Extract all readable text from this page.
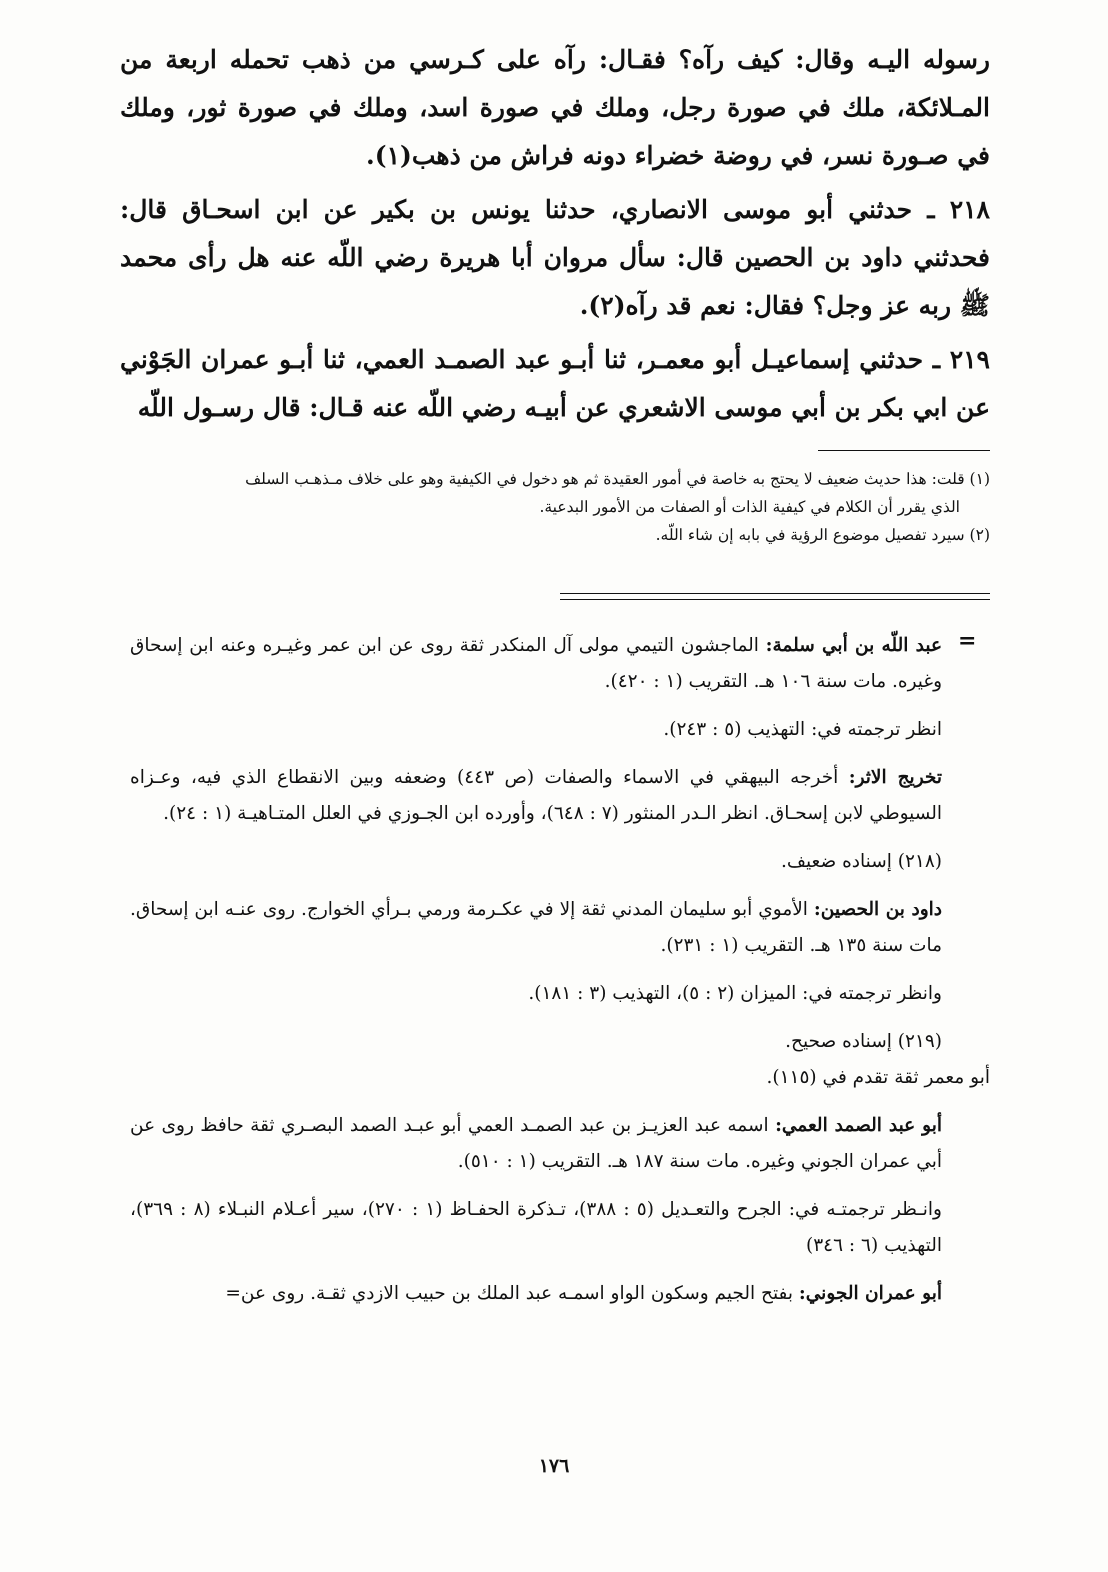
رسوله اليـه وقال: كيف رآه؟ فقـال: رآه على كـرسي من ذهب تحمله اربعة من المـلائكة، ملك في صورة رجل، وملك في صورة اسد، وملك في صورة ثور، وملك في صـورة نسر، في روضة خضراء دونه فراش من ذهب(١).

٢١٨ ـ حدثني أبو موسى الانصاري، حدثنا يونس بن بكير عن ابن اسحـاق قال: فحدثني داود بن الحصين قال: سأل مروان أبا هريرة رضي اللّه عنه هل رأى محمد ﷺ ربه عز وجل؟ فقال: نعم قد رآه(٢).

٢١٩ ـ حدثني إسماعيـل أبو معمـر، ثنا أبـو عبد الصمـد العمي، ثنا أبـو عمران الجَوْني عن ابي بكر بن أبي موسى الاشعري عن أبيـه رضي اللّه عنه قـال: قال رسـول اللّه

(١) قلت: هذا حديث ضعيف لا يحتج به خاصة في أمور العقيدة ثم هو دخول في الكيفية وهو على خلاف مـذهـب السلف

الذي يقرر أن الكلام في كيفية الذات أو الصفات من الأمور البدعية.

(٢) سيرد تفصيل موضوع الرؤية في بابه إن شاء اللّه.

=

عبد اللّه بن أبي سلمة: الماجشون التيمي مولى آل المنكدر ثقة روى عن ابن عمر وغيـره وعنه ابن إسحاق وغيره. مات سنة ١٠٦ هـ. التقريب (١ : ٤٢٠).

انظر ترجمته في: التهذيب (٥ : ٢٤٣).

تخريج الاثر: أخرجه البيهقي في الاسماء والصفات (ص ٤٤٣) وضعفه وبين الانقطاع الذي فيه، وعـزاه السيوطي لابن إسحـاق. انظر الـدر المنثور (٧ : ٦٤٨)، وأورده ابن الجـوزي في العلل المتـاهيـة (١ : ٢٤).

(٢١٨) إسناده ضعيف.

داود بن الحصين: الأموي أبو سليمان المدني ثقة إلا في عكـرمة ورمي بـرأي الخوارج. روى عنـه ابن إسحاق. مات سنة ١٣٥ هـ. التقريب (١ : ٢٣١).

وانظر ترجمته في: الميزان (٢ : ٥)، التهذيب (٣ : ١٨١).

(٢١٩) إسناده صحيح.

أبو معمر ثقة تقدم في (١١٥).

أبو عبد الصمد العمي: اسمه عبد العزيـز بن عبد الصمـد العمي أبو عبـد الصمد البصـري ثقة حافظ روى عن أبي عمران الجوني وغيره. مات سنة ١٨٧ هـ. التقريب (١ : ٥١٠).

وانـظر ترجمتـه في: الجرح والتعـديل (٥ : ٣٨٨)، تـذكرة الحفـاظ (١ : ٢٧٠)، سير أعـلام النبـلاء (٨ : ٣٦٩)، التهذيب (٦ : ٣٤٦)

أبو عمران الجوني: بفتح الجيم وسكون الواو اسمـه عبد الملك بن حبيب الازدي ثقـة. روى عن=

١٧٦
